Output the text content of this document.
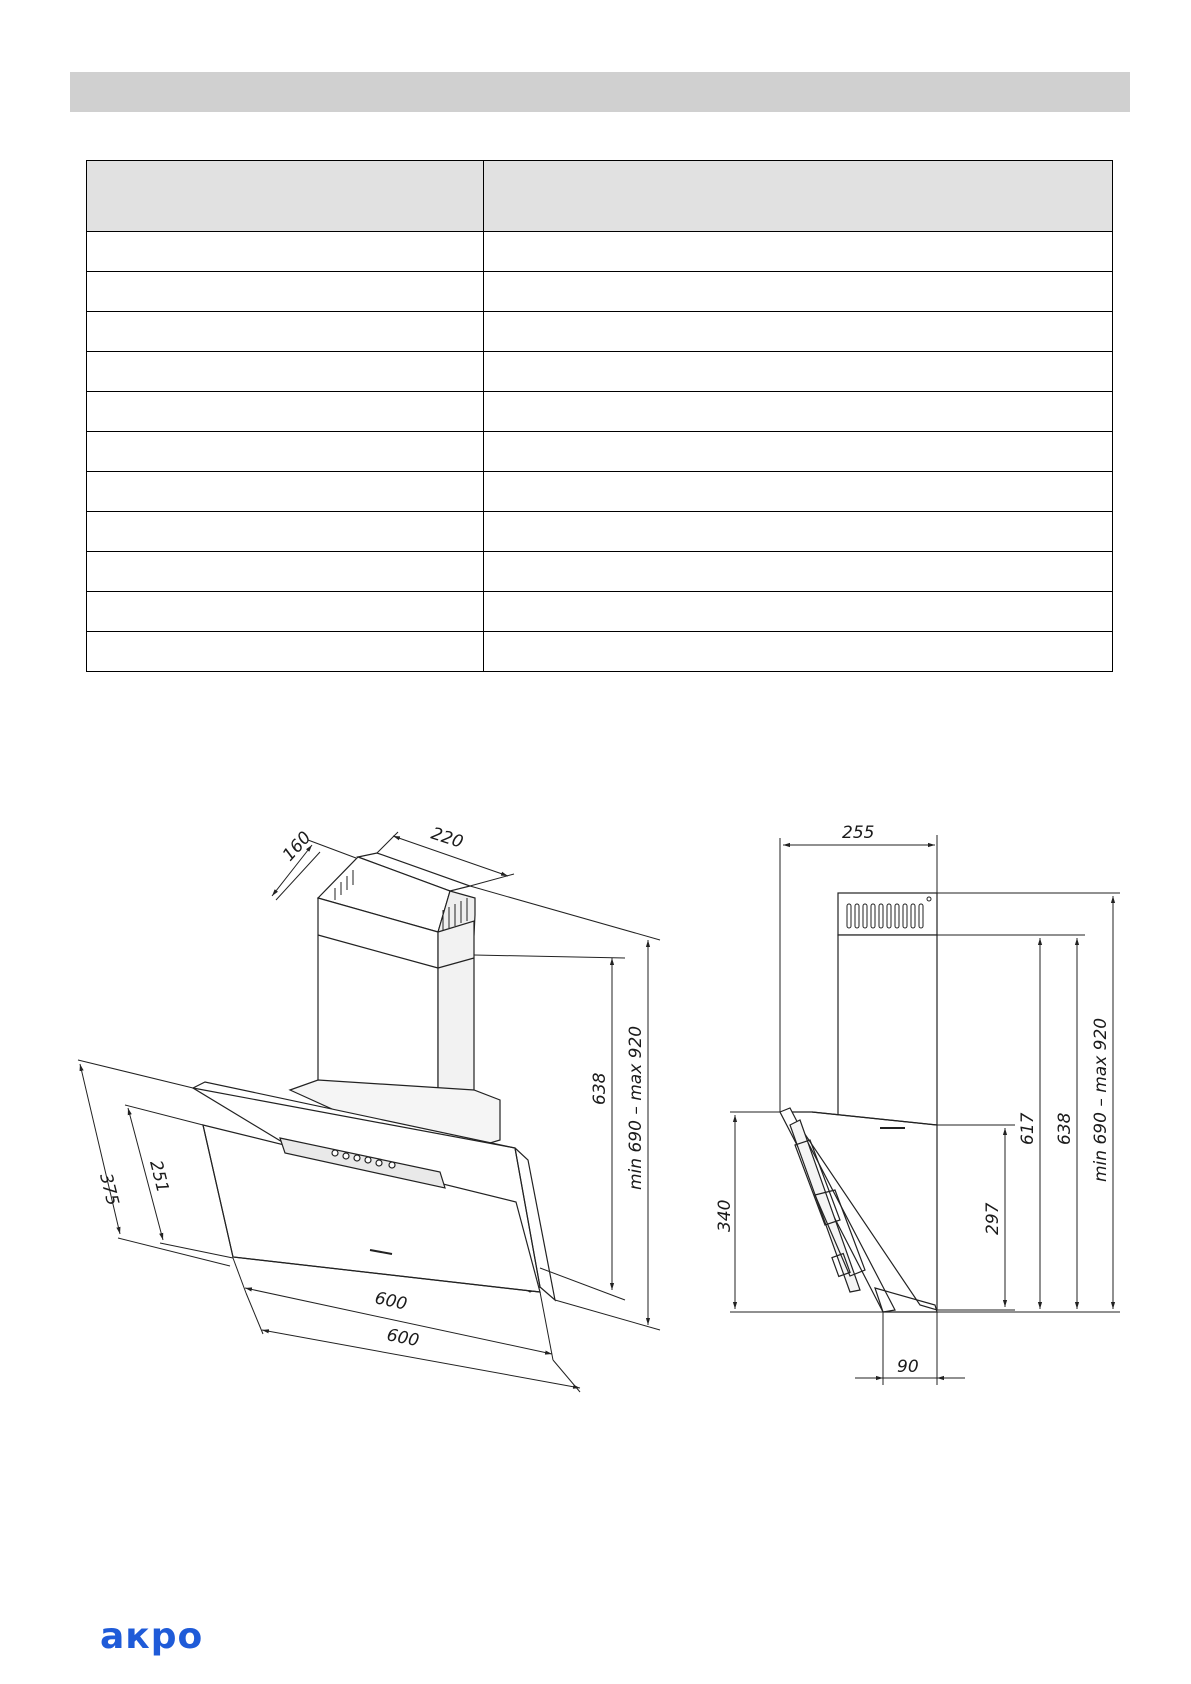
160	220
638 min 690 – max 920
375 251
600
600
255
340	297
617 638 min 690 – max 920
90
акро
